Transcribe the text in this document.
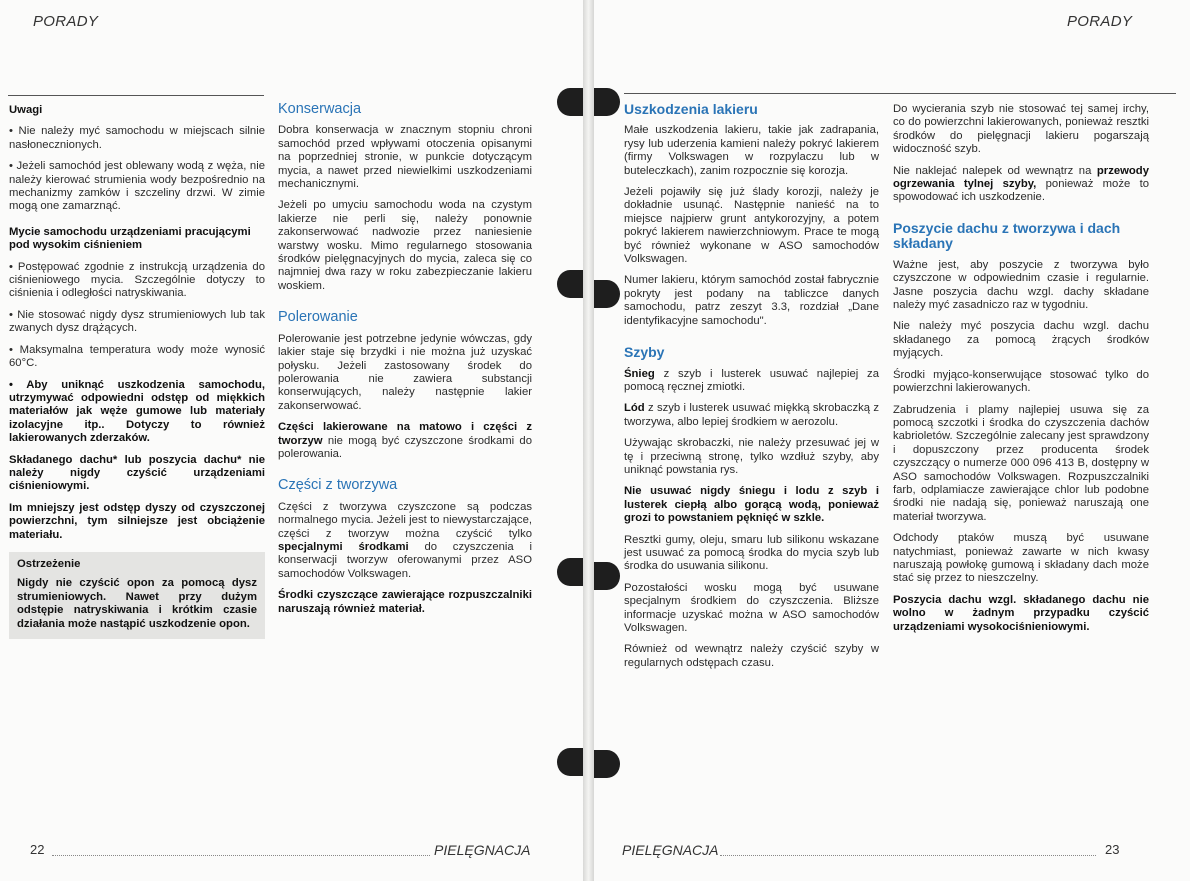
PORADY	PORADY

Uwagi

• Nie należy myć samochodu w miejscach silnie nasłonecznionych.

• Jeżeli samochód jest oblewany wodą z węża, nie należy kierować strumienia wody bezpośrednio na mechanizmy zamków i szczeliny drzwi. W zimie mogą one zamarznąć.

Mycie samochodu urządzeniami pracującymi pod wysokim ciśnieniem

• Postępować zgodnie z instrukcją urządzenia do ciśnieniowego mycia. Szczególnie dotyczy to ciśnienia i odległości natryskiwania.

• Nie stosować nigdy dysz strumieniowych lub tak zwanych dysz drążących.

• Maksymalna temperatura wody może wynosić 60°C.

• Aby uniknąć uszkodzenia samochodu, utrzymywać odpowiedni odstęp od miękkich materiałów jak węże gumowe lub materiały izolacyjne itp.. Dotyczy to również lakierowanych zderzaków.

Składanego dachu* lub poszycia dachu* nie należy nigdy czyścić urządzeniami ciśnieniowymi.

Im mniejszy jest odstęp dyszy od czyszczonej powierzchni, tym silniejsze jest obciążenie materiału.

Ostrzeżenie

Nigdy nie czyścić opon za pomocą dysz strumieniowych. Nawet przy dużym odstępie natryskiwania i krótkim czasie działania może nastąpić uszkodzenie opon.

Konserwacja

Dobra konserwacja w znacznym stopniu chroni samochód przed wpływami otoczenia opisanymi na poprzedniej stronie, w punkcie dotyczącym mycia, a nawet przed niewielkimi uszkodzeniami mechanicznymi.

Jeżeli po umyciu samochodu woda na czystym lakierze nie perli się, należy ponownie zakonserwować nadwozie przez naniesienie warstwy wosku. Mimo regularnego stosowania środków pielęgnacyjnych do mycia, zaleca się co najmniej dwa razy w roku zabezpieczanie lakieru woskiem.

Polerowanie

Polerowanie jest potrzebne jedynie wówczas, gdy lakier staje się brzydki i nie można już uzyskać połysku. Jeżeli zastosowany środek do polerowania nie zawiera substancji konserwujących, należy następnie lakier zakonserwować.

Części lakierowane na matowo i części z tworzyw nie mogą być czyszczone środkami do polerowania.

Części z tworzywa

Części z tworzywa czyszczone są podczas normalnego mycia. Jeżeli jest to niewystarczające, części z tworzyw można czyścić tylko specjalnymi środkami do czyszczenia i konserwacji tworzyw oferowanymi przez ASO samochodów Volkswagen.

Środki czyszczące zawierające rozpuszczalniki naruszają również materiał.

Uszkodzenia lakieru

Małe uszkodzenia lakieru, takie jak zadrapania, rysy lub uderzenia kamieni należy pokryć lakierem (firmy Volkswagen w rozpylaczu lub w buteleczkach), zanim rozpocznie się korozja.

Jeżeli pojawiły się już ślady korozji, należy je dokładnie usunąć. Następnie nanieść na to miejsce najpierw grunt antykorozyjny, a potem pokryć lakierem nawierzchniowym. Prace te mogą być również wykonane w ASO samochodów Volkswagen.

Numer lakieru, którym samochód został fabrycznie pokryty jest podany na tabliczce danych samochodu, patrz zeszyt 3.3, rozdział „Dane identyfikacyjne samochodu".

Szyby

Śnieg z szyb i lusterek usuwać najlepiej za pomocą ręcznej zmiotki.

Lód z szyb i lusterek usuwać miękką skrobaczką z tworzywa, albo lepiej środkiem w aerozolu.

Używając skrobaczki, nie należy przesuwać jej w tę i przeciwną stronę, tylko wzdłuż szyby, aby uniknąć powstania rys.

Nie usuwać nigdy śniegu i lodu z szyb i lusterek ciepłą albo gorącą wodą, ponieważ grozi to powstaniem pęknięć w szkle.

Resztki gumy, oleju, smaru lub silikonu wskazane jest usuwać za pomocą środka do mycia szyb lub środka do usuwania silikonu.

Pozostałości wosku mogą być usuwane specjalnym środkiem do czyszczenia. Bliższe informacje uzyskać można w ASO samochodów Volkswagen.

Również od wewnątrz należy czyścić szyby w regularnych odstępach czasu.

Do wycierania szyb nie stosować tej samej irchy, co do powierzchni lakierowanych, ponieważ resztki środków do pielęgnacji lakieru pogarszają widoczność szyb.

Nie naklejać nalepek od wewnątrz na przewody ogrzewania tylnej szyby, ponieważ może to spowodować ich uszkodzenie.

Poszycie dachu z tworzywa i dach składany

Ważne jest, aby poszycie z tworzywa było czyszczone w odpowiednim czasie i regularnie. Jasne poszycia dachu wzgl. dachy składane należy myć zasadniczo raz w tygodniu.

Nie należy myć poszycia dachu wzgl. dachu składanego za pomocą żrących środków myjących.

Środki myjąco-konserwujące stosować tylko do powierzchni lakierowanych.

Zabrudzenia i plamy najlepiej usuwa się za pomocą szczotki i środka do czyszczenia dachów kabrioletów. Szczególnie zalecany jest sprawdzony i dopuszczony przez producenta środek czyszczący o numerze 000 096 413 B, dostępny w ASO samochodów Volkswagen. Rozpuszczalniki farb, odplamiacze zawierające chlor lub podobne środki nie nadają się, ponieważ naruszają one materiał tworzywa.

Odchody ptaków muszą być usuwane natychmiast, ponieważ zawarte w nich kwasy naruszają powłokę gumową i składany dach może stać się przez to nieszczelny.

Poszycia dachu wzgl. składanego dachu nie wolno w żadnym przypadku czyścić urządzeniami wysokociśnieniowymi.

22	PIELĘGNACJA	PIELĘGNACJA	23
